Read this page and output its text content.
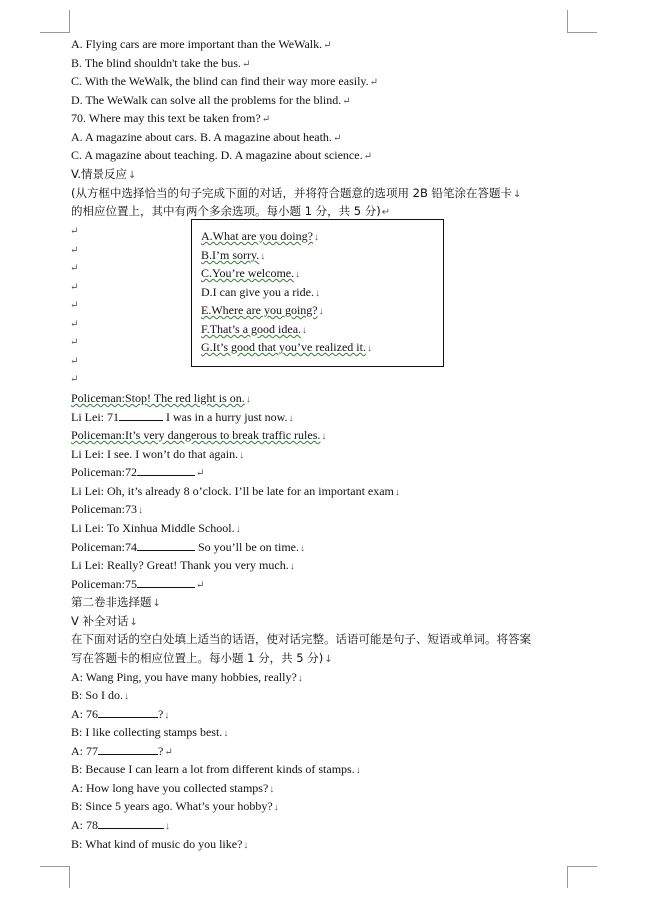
A. Flying cars are more important than the WeWalk.↵
B. The blind shouldn't take the bus.↵
C. With the WeWalk, the blind can find their way more easily.↵
D. The WeWalk can solve all the problems for the blind.↵
70. Where may this text be taken from?↵
A. A magazine about cars. B. A magazine about heath.↵
C. A magazine about teaching. D. A magazine about science.↵
V.情景反应↓
(从方框中选择恰当的句子完成下面的对话，并将符合题意的选项用 2B 铅笔涂在答题卡↓
的相应位置上，其中有两个多余选项。每小题 1 分，共 5 分)↵
↵
↵
↵
↵
↵
↵
↵
↵
↵
A.What are you doing?↓
B.I’m sorry.↓
C.You’re welcome.↓
D.I can give you a ride.↓
E.Where are you going?↓
F.That’s a good idea.↓
G.It’s good that you’ve realized it.↓
Policeman:Stop! The red light is on.↓
Li Lei: 71	I was in a hurry just now.↓
Policeman:It’s very dangerous to break traffic rules.↓
Li Lei: I see. I won’t do that again.↓
Policeman:72	↵
Li Lei: Oh, it’s already 8 o’clock. I’ll be late for an important exam↓
Policeman:73↓
Li Lei: To Xinhua Middle School.↓
Policeman:74	So you’ll be on time.↓
Li Lei: Really? Great! Thank you very much.↓
Policeman:75	↵
第二卷非选择题↓
V 补全对话↓
在下面对话的空白处填上适当的话语，使对话完整。话语可能是句子、短语或单词。将答案
写在答题卡的相应位置上。每小题 1 分，共 5 分)↓
A: Wang Ping, you have many hobbies, really?↓
B: So I do.↓
A: 76	?↓
B: I like collecting stamps best.↓
A: 77	?↵
B: Because I can learn a lot from different kinds of stamps.↓
A: How long have you collected stamps?↓
B: Since 5 years ago. What’s your hobby?↓
A: 78	↓
B: What kind of music do you like?↓
